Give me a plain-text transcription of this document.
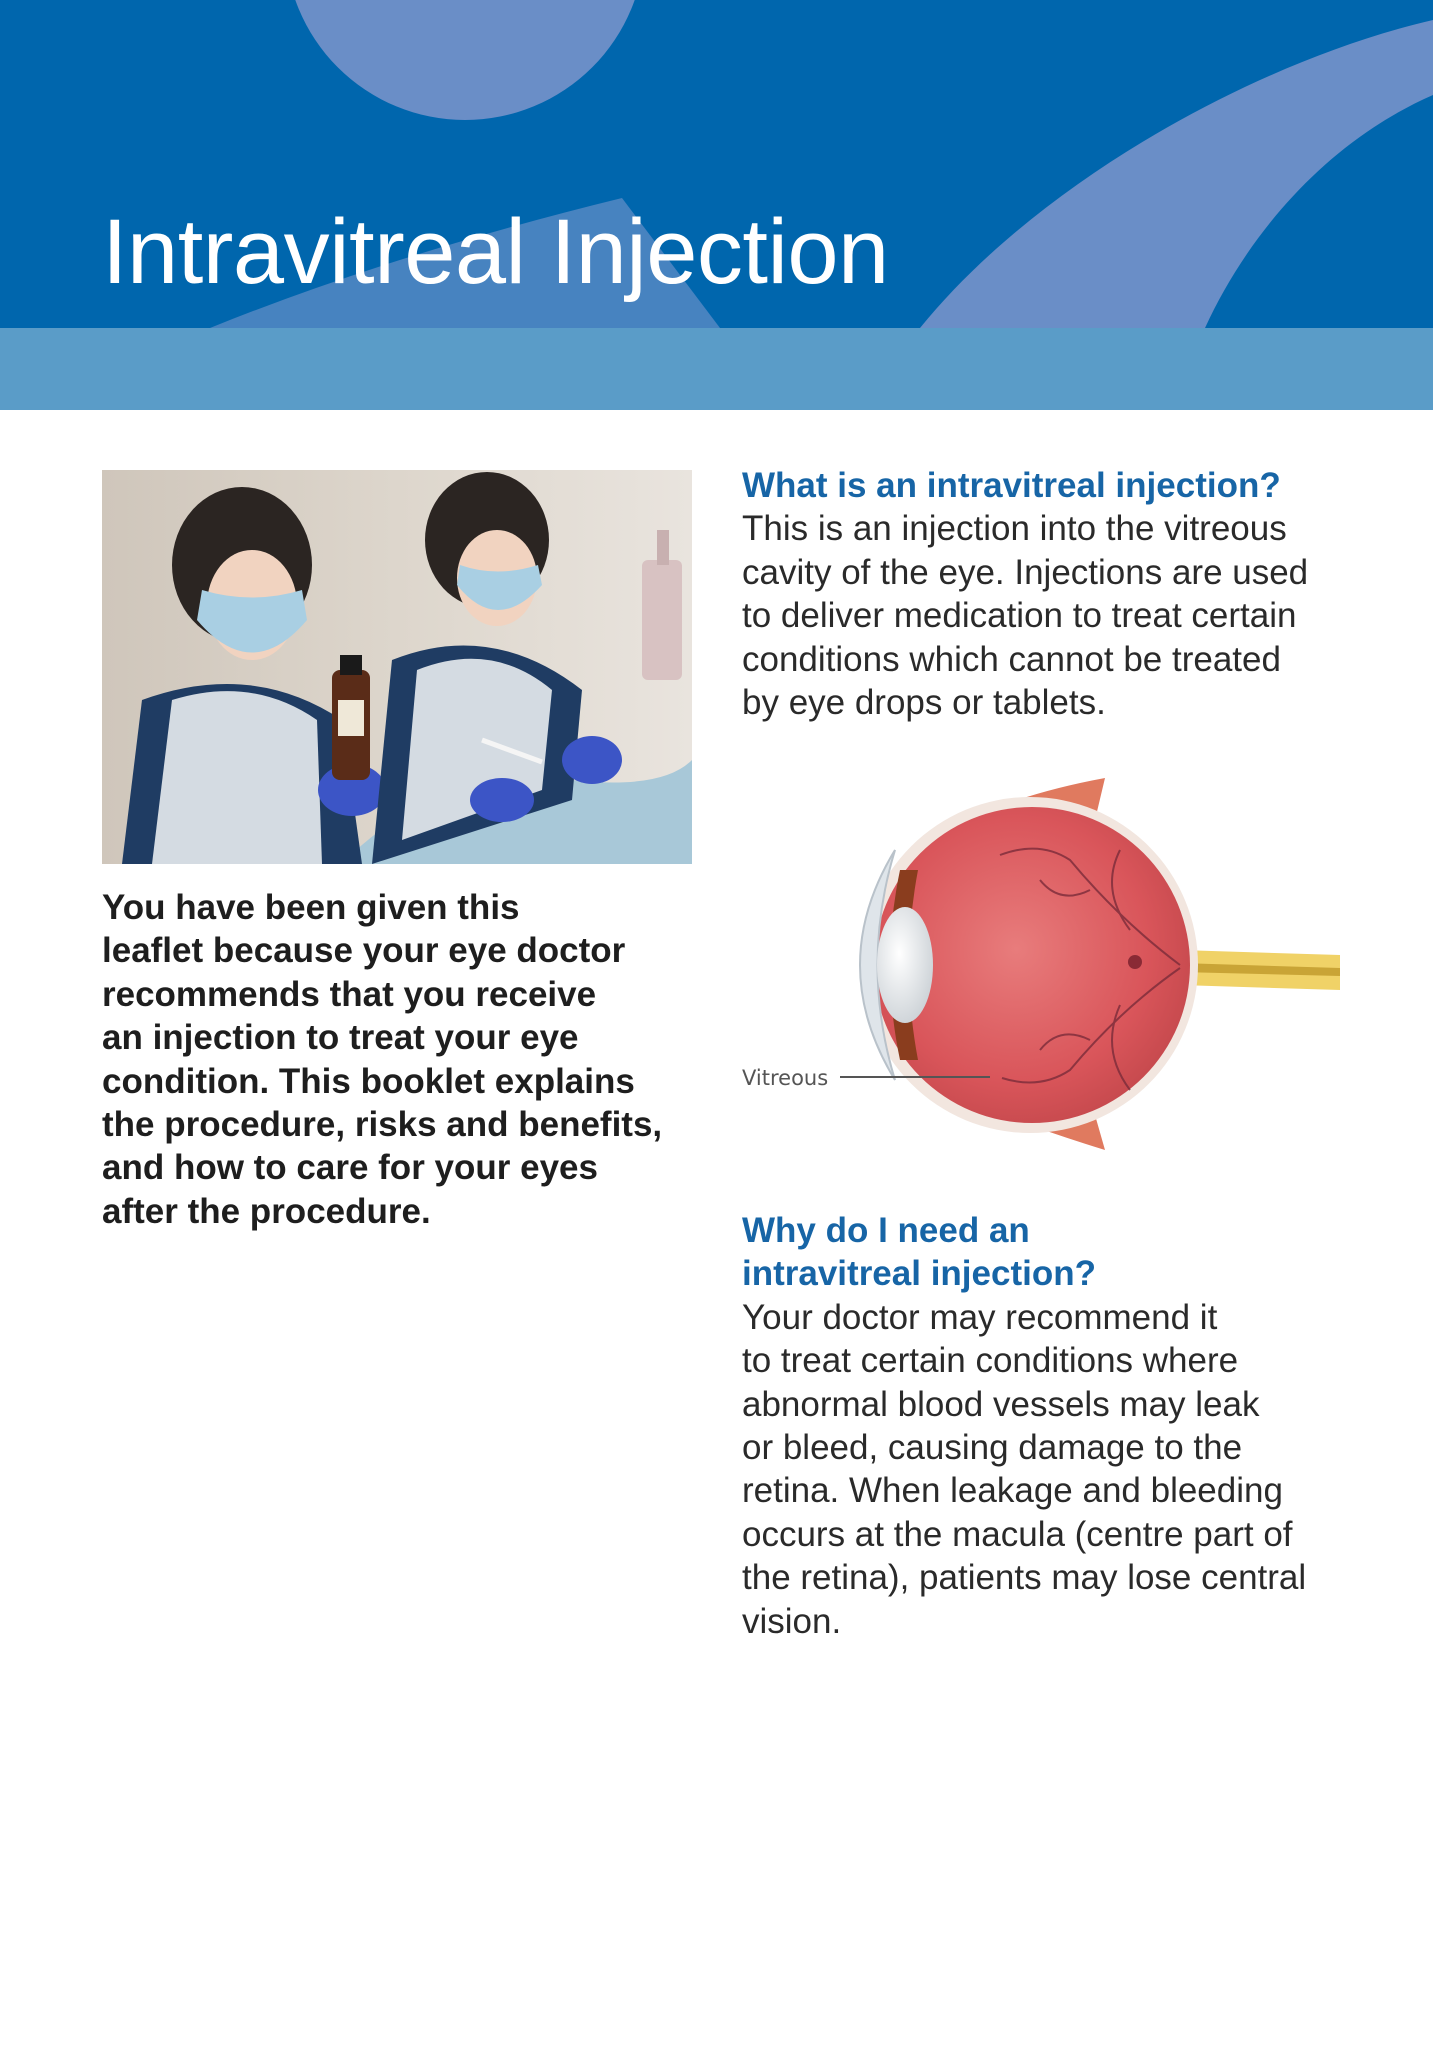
Intravitreal Injection

You have been given this
leaflet because your eye doctor
recommends that you receive
an injection to treat your eye
condition. This booklet explains
the procedure, risks and benefits,
and how to care for your eyes
after the procedure.

What is an intravitreal injection?

This is an injection into the vitreous
cavity of the eye. Injections are used
to deliver medication to treat certain
conditions which cannot be treated
by eye drops or tablets.

Vitreous
Why do I need an
intravitreal injection?

Your doctor may recommend it
to treat certain conditions where
abnormal blood vessels may leak
or bleed, causing damage to the
retina. When leakage and bleeding
occurs at the macula (centre part of
the retina), patients may lose central
vision.
